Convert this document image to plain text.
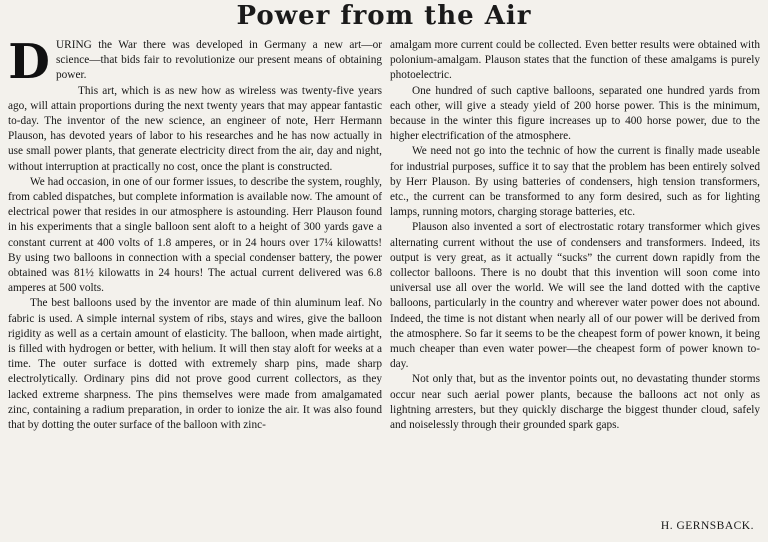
Power from the Air

DURING the War there was developed in Germany a new art—or science—that bids fair to revolutionize our present means of obtaining power.

This art, which is as new how as wireless was twenty-five years ago, will attain proportions during the next twenty years that may appear fantastic to-day. The inventor of the new science, an engineer of note, Herr Hermann Plauson, has devoted years of labor to his researches and he has now actually in use small power plants, that generate electricity direct from the air, day and night, without interruption at practically no cost, once the plant is constructed.

We had occasion, in one of our former issues, to describe the system, roughly, from cabled dispatches, but complete information is available now. The amount of electrical power that resides in our atmosphere is astounding. Herr Plauson found in his experiments that a single balloon sent aloft to a height of 300 yards gave a constant current at 400 volts of 1.8 amperes, or in 24 hours over 17¼ kilowatts! By using two balloons in connection with a special condenser battery, the power obtained was 81½ kilowatts in 24 hours! The actual current delivered was 6.8 amperes at 500 volts.

The best balloons used by the inventor are made of thin aluminum leaf. No fabric is used. A simple internal system of ribs, stays and wires, give the balloon rigidity as well as a certain amount of elasticity. The balloon, when made airtight, is filled with hydrogen or better, with helium. It will then stay aloft for weeks at a time. The outer surface is dotted with extremely sharp pins, made sharp electrolytically. Ordinary pins did not prove good current collectors, as they lacked extreme sharpness. The pins themselves were made from amalgamated zinc, containing a radium preparation, in order to ionize the air. It was also found that by dotting the outer surface of the balloon with zinc-

amalgam more current could be collected. Even better results were obtained with polonium-amalgam. Plauson states that the function of these amalgams is purely photoelectric.

One hundred of such captive balloons, separated one hundred yards from each other, will give a steady yield of 200 horse power. This is the minimum, because in the winter this figure increases up to 400 horse power, due to the higher electrification of the atmosphere.

We need not go into the technic of how the current is finally made useable for industrial purposes, suffice it to say that the problem has been entirely solved by Herr Plauson. By using batteries of condensers, high tension transformers, etc., the current can be transformed to any form desired, such as for lighting lamps, running motors, charging storage batteries, etc.

Plauson also invented a sort of electrostatic rotary transformer which gives alternating current without the use of condensers and transformers. Indeed, its output is very great, as it actually “sucks” the current down rapidly from the collector balloons. There is no doubt that this invention will soon come into universal use all over the world. We will see the land dotted with the captive balloons, particularly in the country and wherever water power does not abound. Indeed, the time is not distant when nearly all of our power will be derived from the atmosphere. So far it seems to be the cheapest form of power known, it being much cheaper than even water power—the cheapest form of power known to-day.

Not only that, but as the inventor points out, no devastating thunder storms occur near such aerial power plants, because the balloons act not only as lightning arresters, but they quickly discharge the biggest thunder cloud, safely and noiselessly through their grounded spark gaps.

H. GERNSBACK.
